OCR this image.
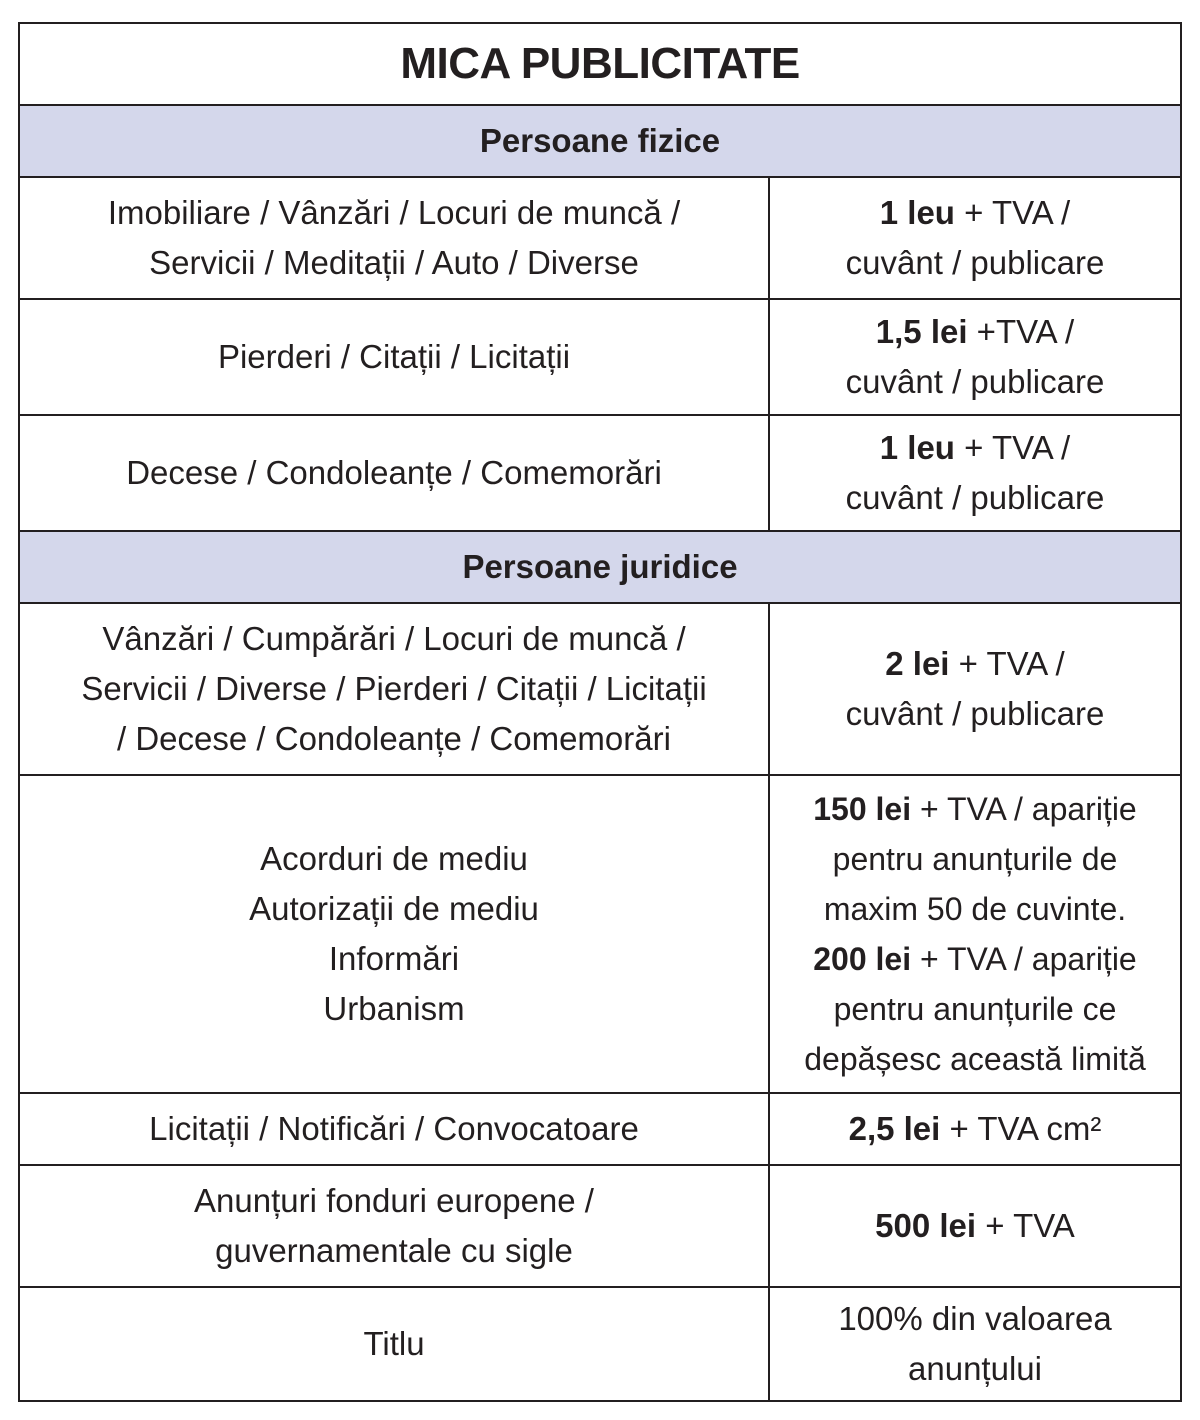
MICA PUBLICITATE
Persoane fizice
Imobiliare / Vânzări / Locuri de muncă /
Servicii / Meditații / Auto / Diverse
1 leu + TVA /
cuvânt / publicare
Pierderi / Citații / Licitații
1,5 lei +TVA /
cuvânt / publicare
Decese / Condoleanțe / Comemorări
1 leu + TVA /
cuvânt / publicare
Persoane juridice
Vânzări / Cumpărări / Locuri de muncă /
Servicii / Diverse / Pierderi / Citații / Licitații
/ Decese / Condoleanțe / Comemorări
2 lei + TVA /
cuvânt / publicare
Acorduri de mediu
Autorizații de mediu
Informări
Urbanism
150 lei + TVA / apariție
pentru anunțurile de
maxim 50 de cuvinte.
200 lei + TVA / apariție
pentru anunțurile ce
depășesc această limită
Licitații / Notificări / Convocatoare	2,5 lei + TVA cm²
Anunțuri fonduri europene /
guvernamentale cu sigle
500 lei + TVA
Titlu
100% din valoarea
anunțului
